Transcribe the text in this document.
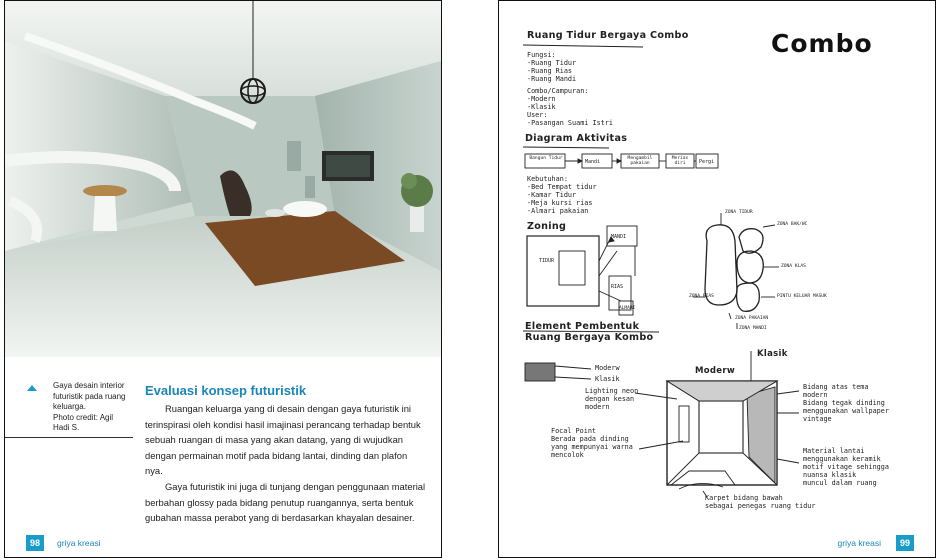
Gaya desain interior
futuristik pada ruang
keluarga.
Photo credit: Agil Hadi S.
Evaluasi konsep futuristik

Ruangan keluarga yang di desain dengan gaya futuristik ini terinspirasi oleh kondisi hasil imajinasi perancang terhadap bentuk sebuah ruangan di masa yang akan datang, yang di wujudkan dengan permainan motif pada bidang lantai, dinding dan plafon nya.

Gaya futuristik ini juga di tunjang dengan penggunaan material berbahan glossy pada bidang penutup ruangannya, serta bentuk gubahan massa perabot yang di berdasarkan khayalan desainer.

98	griya kreasi
Combo
Ruang Tidur Bergaya Combo
Fungsi:
-Ruang Tidur
-Ruang Rias
-Ruang Mandi
Combo/Campuran:
-Modern
-Klasik
User:
-Pasangan Suami Istri
Diagram Aktivitas
Bangun Tidur
Mandi
Mengambil pakaian
Merias diri	Pergi
Kebutuhan:
-Bed Tempat tidur
-Kamar Tidur
-Meja kursi rias
-Almari pakaian
Zoning
TIDUR
MANDI
RIAS
ALMARI
ZONA TIDUR
ZONA RIAS
ZONA BAK/WC
ZONA KLAS
PINTU KELUAR MASUK
ZONA PAKAIAN
ZONA MANDI
Element Pembentuk Ruang Bergaya Kombo
Moderw
Klasik
Moderw
Klasik
Lighting neon
dengan kesan
modern
Focal Point
Berada pada dinding
yang mempunyai warna
mencolok
Bidang atas tema
modern
Bidang tegak dinding
menggunakan wallpaper
vintage
Material lantai
menggunakan keramik
motif vitage sehingga
nuansa klasik
muncul dalam ruang
Karpet bidang bawah
sebagai penegas ruang tidur
griya kreasi	99
